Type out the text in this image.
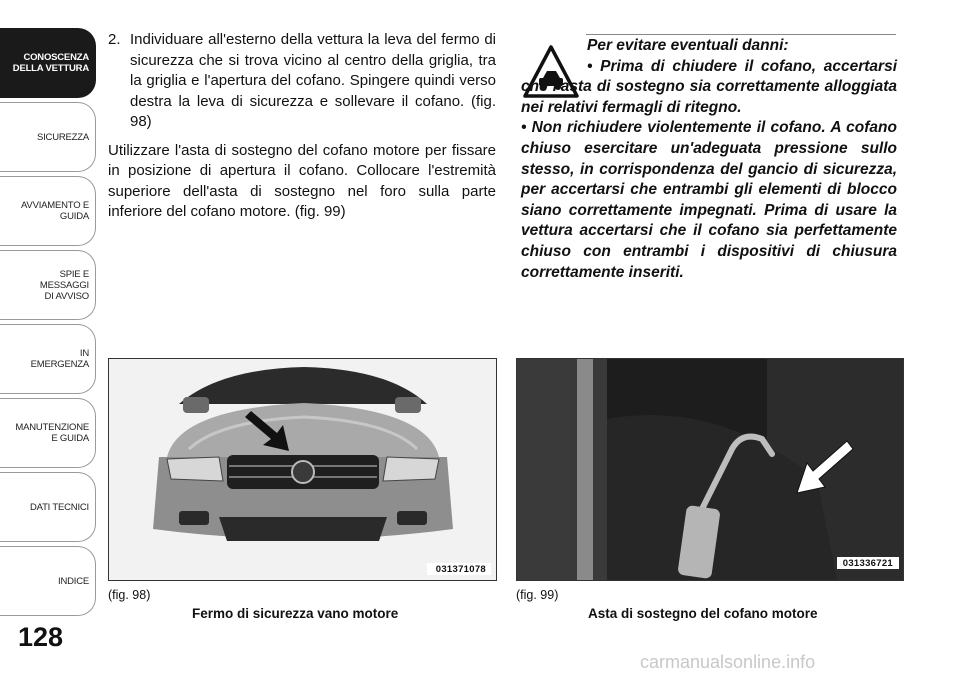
CONOSCENZA
DELLA VETTURA
SICUREZZA
AVVIAMENTO E
GUIDA
SPIE E
MESSAGGI
DI AVVISO
IN
EMERGENZA
MANUTENZIONE
E GUIDA
DATI TECNICI
INDICE
128
2. Individuare all'esterno della vettura la leva del fermo di sicurezza che si trova vicino al centro della griglia, tra la griglia e l'apertura del cofano. Spingere quindi verso destra la leva di sicurezza e sollevare il cofano. (fig. 98)

Utilizzare l'asta di sostegno del cofano motore per fissare in posizione di apertura il cofano. Collocare l'estremità superiore dell'asta di sostegno nel foro sulla parte inferiore del cofano motore. (fig. 99)

Per evitare eventuali danni:
• Prima di chiudere il cofano, accertarsi che l'asta di sostegno sia correttamente alloggiata nei relativi fermagli di ritegno.
• Non richiudere violentemente il cofano. A cofano chiuso esercitare un'adeguata pressione sullo stesso, in corrispondenza del gancio di sicurezza, per accertarsi che entrambi gli elementi di blocco siano correttamente impegnati. Prima di usare la vettura accertarsi che il cofano sia perfettamente chiuso con entrambi i dispositivi di chiusura correttamente inseriti.
031371078
031336721
(fig. 98)
Fermo di sicurezza vano motore
(fig. 99)
Asta di sostegno del cofano motore
carmanualsonline.info
